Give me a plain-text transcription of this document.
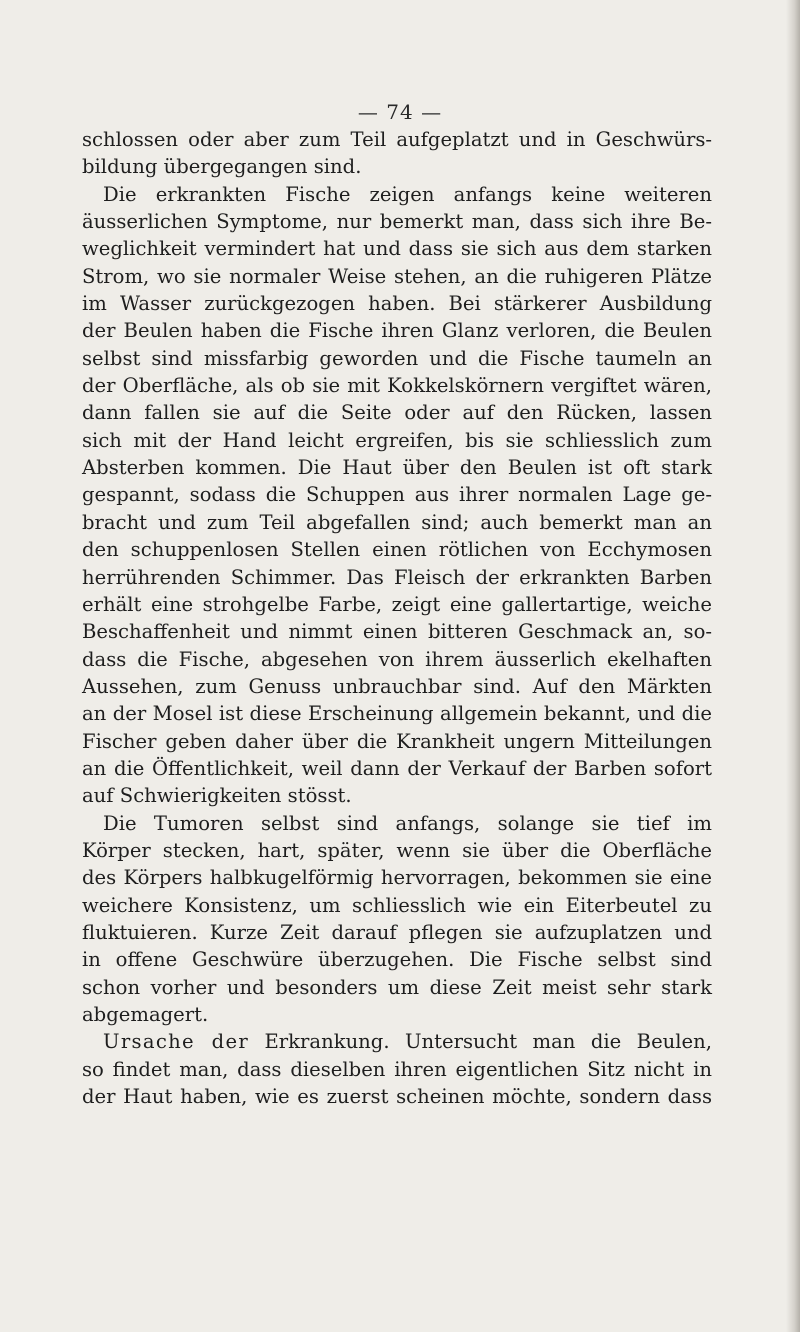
— 74 —
schlossen oder aber zum Teil aufgeplatzt und in Geschwürs-
bildung übergegangen sind.
Die erkrankten Fische zeigen anfangs keine weiteren
äusserlichen Symptome, nur bemerkt man, dass sich ihre Be-
weglichkeit vermindert hat und dass sie sich aus dem starken
Strom, wo sie normaler Weise stehen, an die ruhigeren Plätze
im Wasser zurückgezogen haben. Bei stärkerer Ausbildung
der Beulen haben die Fische ihren Glanz verloren, die Beulen
selbst sind missfarbig geworden und die Fische taumeln an
der Oberfläche, als ob sie mit Kokkelskörnern vergiftet wären,
dann fallen sie auf die Seite oder auf den Rücken, lassen
sich mit der Hand leicht ergreifen, bis sie schliesslich zum
Absterben kommen. Die Haut über den Beulen ist oft stark
gespannt, sodass die Schuppen aus ihrer normalen Lage ge-
bracht und zum Teil abgefallen sind; auch bemerkt man an
den schuppenlosen Stellen einen rötlichen von Ecchymosen
herrührenden Schimmer. Das Fleisch der erkrankten Barben
erhält eine strohgelbe Farbe, zeigt eine gallertartige, weiche
Beschaffenheit und nimmt einen bitteren Geschmack an, so-
dass die Fische, abgesehen von ihrem äusserlich ekelhaften
Aussehen, zum Genuss unbrauchbar sind. Auf den Märkten
an der Mosel ist diese Erscheinung allgemein bekannt, und die
Fischer geben daher über die Krankheit ungern Mitteilungen
an die Öffentlichkeit, weil dann der Verkauf der Barben sofort
auf Schwierigkeiten stösst.
Die Tumoren selbst sind anfangs, solange sie tief im
Körper stecken, hart, später, wenn sie über die Oberfläche
des Körpers halbkugelförmig hervorragen, bekommen sie eine
weichere Konsistenz, um schliesslich wie ein Eiterbeutel zu
fluktuieren. Kurze Zeit darauf pflegen sie aufzuplatzen und
in offene Geschwüre überzugehen. Die Fische selbst sind
schon vorher und besonders um diese Zeit meist sehr stark
abgemagert.
Ursache der Erkrankung. Untersucht man die Beulen,
so findet man, dass dieselben ihren eigentlichen Sitz nicht in
der Haut haben, wie es zuerst scheinen möchte, sondern dass
